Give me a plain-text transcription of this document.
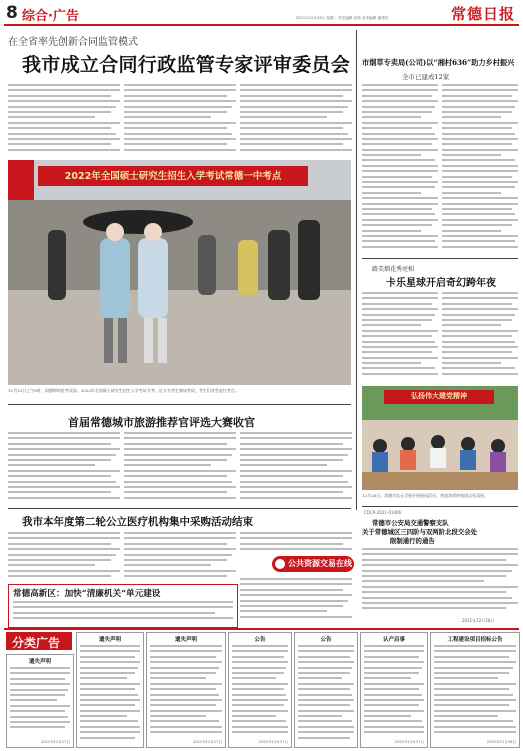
8 综合·广告	2021年12月28日 星期二 责任编辑 彭瑞 美术编辑 谢建民	常德日报
在全省率先创新合同监管模式
我市成立合同行政监管专家评审委员会
2022年全国硕士研究生招生入学考试常德一中考点
12月25日上午8时，同德师师范考试前。2022年全国硕士研究生招生入学考试开考，近万名考生参加考试。考生们冒雪赶往考点。
市烟草专卖局(公司)以“湘村636”助力乡村振兴
全市已建成12家
路美烟花秀亮相
卡乐星球开启奇幻跨年夜
弘扬伟大建党精神
12月28日，常德市玄元学校开展校园活动，营造浓厚的校园文化氛围。
首届常德城市旅游推荐官评选大赛收官
我市本年度第二轮公立医疗机构集中采购活动结束
公共资源交易在线
常德高新区：加快“清廉机关”单元建设
CDCR-2021-01006
常德市公安局交通警察支队
关于常德城区三四阶与双两阶北段交会处
限制通行的通告
2021年12月28日
分类广告
遗失声明
2021年12月27日
遗失声明	遗失声明
2021年12月27日
公告
2021年12月27日
公告	认产启事
2021年12月27日
工程建设项目招标公告
2021年12月28日
